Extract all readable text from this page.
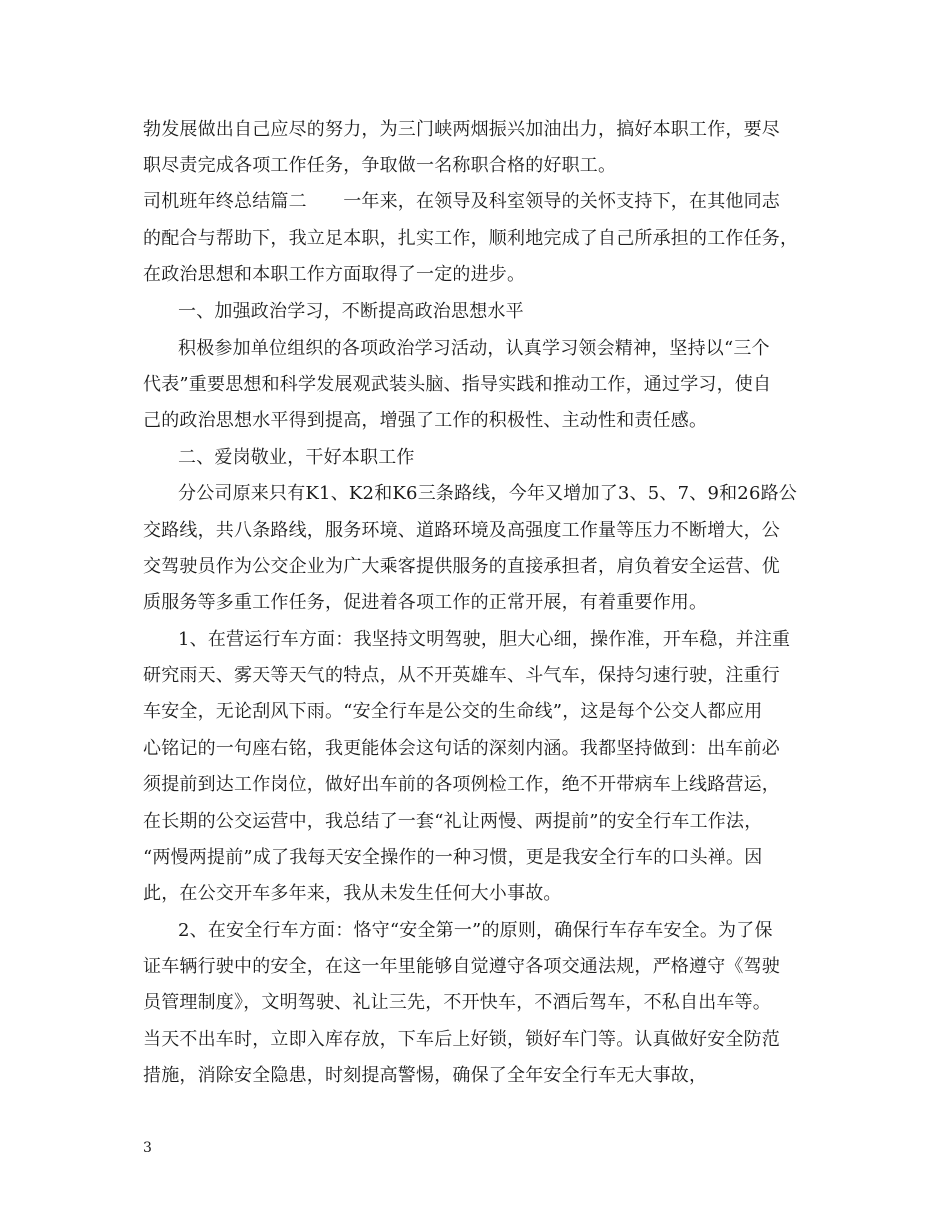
勃发展做出自己应尽的努力，为三门峡两烟振兴加油出力，搞好本职工作，要尽
职尽责完成各项工作任务，争取做一名称职合格的好职工。
司机班年终总结篇二　　一年来，在领导及科室领导的关怀支持下，在其他同志
的配合与帮助下，我立足本职，扎实工作，顺利地完成了自己所承担的工作任务，
在政治思想和本职工作方面取得了一定的进步。
一、加强政治学习，不断提高政治思想水平
积极参加单位组织的各项政治学习活动，认真学习领会精神，坚持以“三个
代表”重要思想和科学发展观武装头脑、指导实践和推动工作，通过学习，使自
己的政治思想水平得到提高，增强了工作的积极性、主动性和责任感。
二、爱岗敬业，干好本职工作
分公司原来只有K1、K2和K6三条路线，今年又增加了3、5、7、9和26路公
交路线，共八条路线，服务环境、道路环境及高强度工作量等压力不断增大，公
交驾驶员作为公交企业为广大乘客提供服务的直接承担者，肩负着安全运营、优
质服务等多重工作任务，促进着各项工作的正常开展，有着重要作用。
1、在营运行车方面：我坚持文明驾驶，胆大心细，操作准，开车稳，并注重
研究雨天、雾天等天气的特点，从不开英雄车、斗气车，保持匀速行驶，注重行
车安全，无论刮风下雨。“安全行车是公交的生命线”，这是每个公交人都应用
心铭记的一句座右铭，我更能体会这句话的深刻内涵。我都坚持做到：出车前必
须提前到达工作岗位，做好出车前的各项例检工作，绝不开带病车上线路营运，
在长期的公交运营中，我总结了一套“礼让两慢、两提前”的安全行车工作法，
“两慢两提前”成了我每天安全操作的一种习惯，更是我安全行车的口头禅。因
此，在公交开车多年来，我从未发生任何大小事故。
2、在安全行车方面：恪守“安全第一”的原则，确保行车存车安全。为了保
证车辆行驶中的安全，在这一年里能够自觉遵守各项交通法规，严格遵守《驾驶
员管理制度》，文明驾驶、礼让三先，不开快车，不酒后驾车，不私自出车等。
当天不出车时，立即入库存放，下车后上好锁，锁好车门等。认真做好安全防范
措施，消除安全隐患，时刻提高警惕，确保了全年安全行车无大事故，
3
